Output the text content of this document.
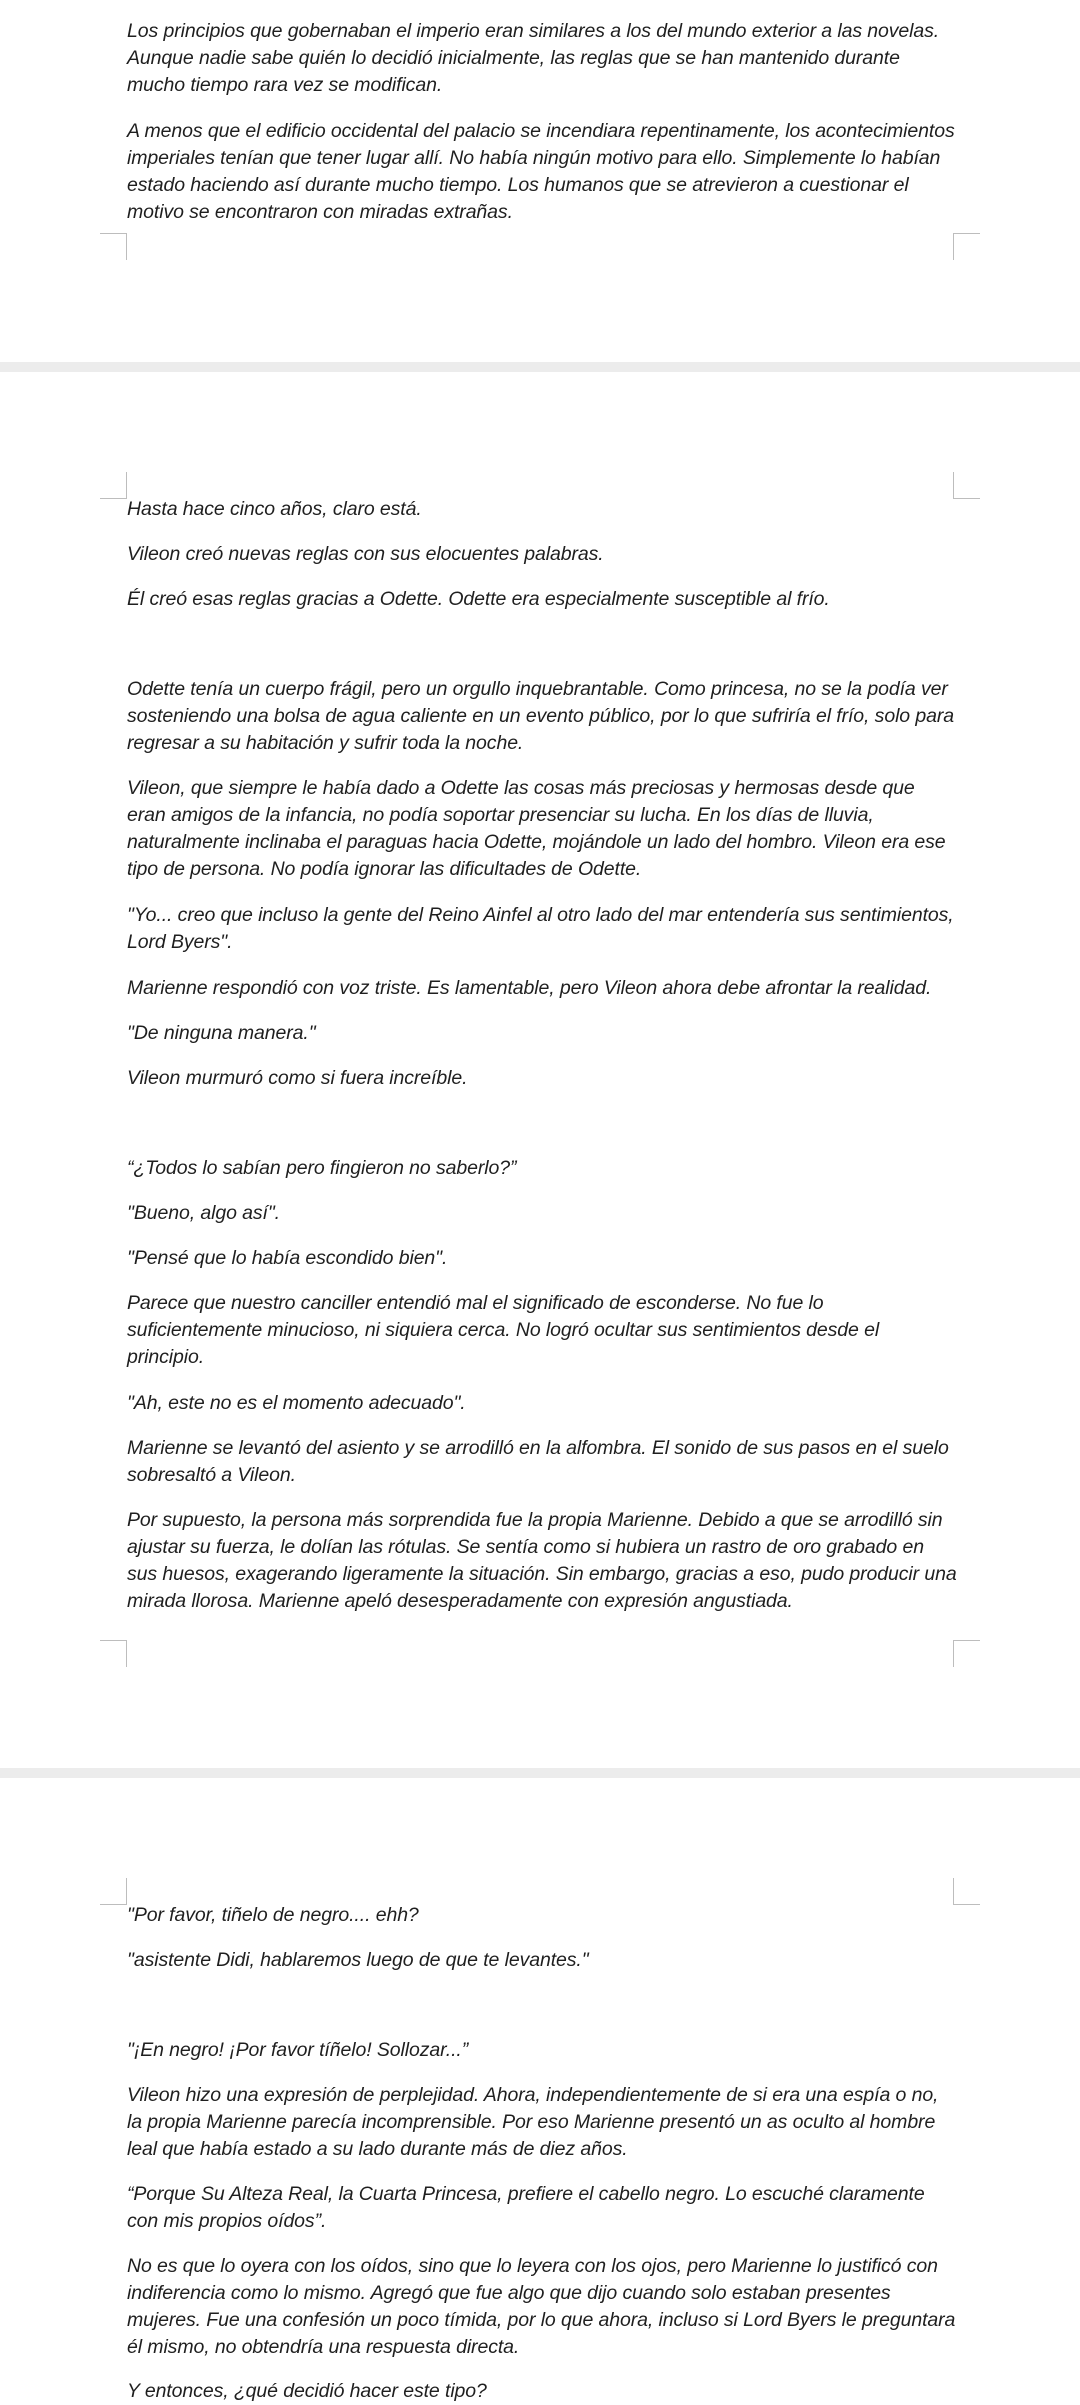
Los principios que gobernaban el imperio eran similares a los del mundo exterior a las novelas. Aunque nadie sabe quién lo decidió inicialmente, las reglas que se han mantenido durante mucho tiempo rara vez se modifican.

A menos que el edificio occidental del palacio se incendiara repentinamente, los acontecimientos imperiales tenían que tener lugar allí. No había ningún motivo para ello. Simplemente lo habían estado haciendo así durante mucho tiempo. Los humanos que se atrevieron a cuestionar el motivo se encontraron con miradas extrañas.

Hasta hace cinco años, claro está.

Vileon creó nuevas reglas con sus elocuentes palabras.

Él creó esas reglas gracias a Odette. Odette era especialmente susceptible al frío.

Odette tenía un cuerpo frágil, pero un orgullo inquebrantable. Como princesa, no se la podía ver sosteniendo una bolsa de agua caliente en un evento público, por lo que sufriría el frío, solo para regresar a su habitación y sufrir toda la noche.

Vileon, que siempre le había dado a Odette las cosas más preciosas y hermosas desde que eran amigos de la infancia, no podía soportar presenciar su lucha. En los días de lluvia, naturalmente inclinaba el paraguas hacia Odette, mojándole un lado del hombro. Vileon era ese tipo de persona. No podía ignorar las dificultades de Odette.

"Yo... creo que incluso la gente del Reino Ainfel al otro lado del mar entendería sus sentimientos, Lord Byers".

Marienne respondió con voz triste. Es lamentable, pero Vileon ahora debe afrontar la realidad.

"De ninguna manera."

Vileon murmuró como si fuera increíble.

“¿Todos lo sabían pero fingieron no saberlo?”

"Bueno, algo así".

"Pensé que lo había escondido bien".

Parece que nuestro canciller entendió mal el significado de esconderse. No fue lo suficientemente minucioso, ni siquiera cerca. No logró ocultar sus sentimientos desde el principio.

"Ah, este no es el momento adecuado".

Marienne se levantó del asiento y se arrodilló en la alfombra. El sonido de sus pasos en el suelo sobresaltó a Vileon.

Por supuesto, la persona más sorprendida fue la propia Marienne. Debido a que se arrodilló sin ajustar su fuerza, le dolían las rótulas. Se sentía como si hubiera un rastro de oro grabado en sus huesos, exagerando ligeramente la situación. Sin embargo, gracias a eso, pudo producir una mirada llorosa. Marienne apeló desesperadamente con expresión angustiada.

"Por favor, tiñelo de negro.... ehh?

"asistente Didi, hablaremos luego de que te levantes."

"¡En negro! ¡Por favor tíñelo! Sollozar...”

Vileon hizo una expresión de perplejidad. Ahora, independientemente de si era una espía o no, la propia Marienne parecía incomprensible. Por eso Marienne presentó un as oculto al hombre leal que había estado a su lado durante más de diez años.

“Porque Su Alteza Real, la Cuarta Princesa, prefiere el cabello negro. Lo escuché claramente con mis propios oídos”.

No es que lo oyera con los oídos, sino que lo leyera con los ojos, pero Marienne lo justificó con indiferencia como lo mismo. Agregó que fue algo que dijo cuando solo estaban presentes mujeres. Fue una confesión un poco tímida, por lo que ahora, incluso si Lord Byers le preguntara él mismo, no obtendría una respuesta directa.

Y entonces, ¿qué decidió hacer este tipo?
